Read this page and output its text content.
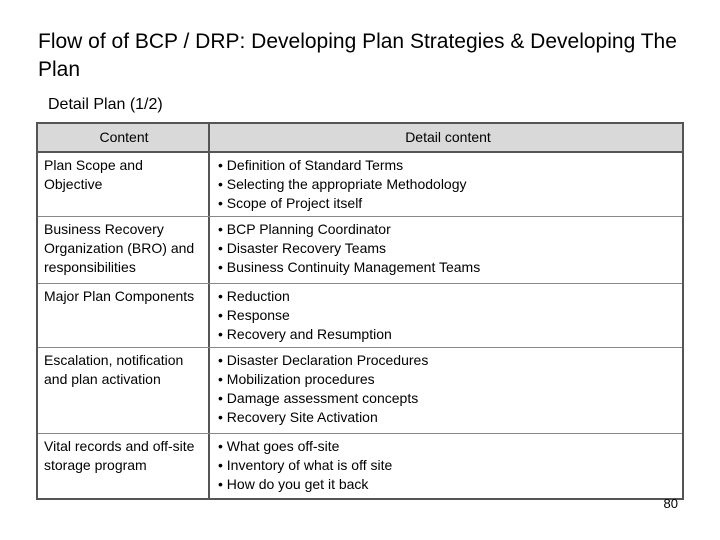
Flow of of BCP / DRP: Developing Plan Strategies & Developing The Plan
Detail Plan (1/2)
Content	Detail content
Plan Scope and Objective
• Definition of Standard Terms
• Selecting the appropriate Methodology
• Scope of Project itself
Business Recovery Organization (BRO) and responsibilities
• BCP Planning Coordinator
• Disaster Recovery Teams
• Business Continuity Management Teams
Major Plan Components	• Reduction
• Response
• Recovery and Resumption
Escalation, notification and plan activation
• Disaster Declaration Procedures
• Mobilization procedures
• Damage assessment concepts
• Recovery Site Activation
Vital records and off-site storage program
• What goes off-site
• Inventory of what is off site
• How do you get it back
80
